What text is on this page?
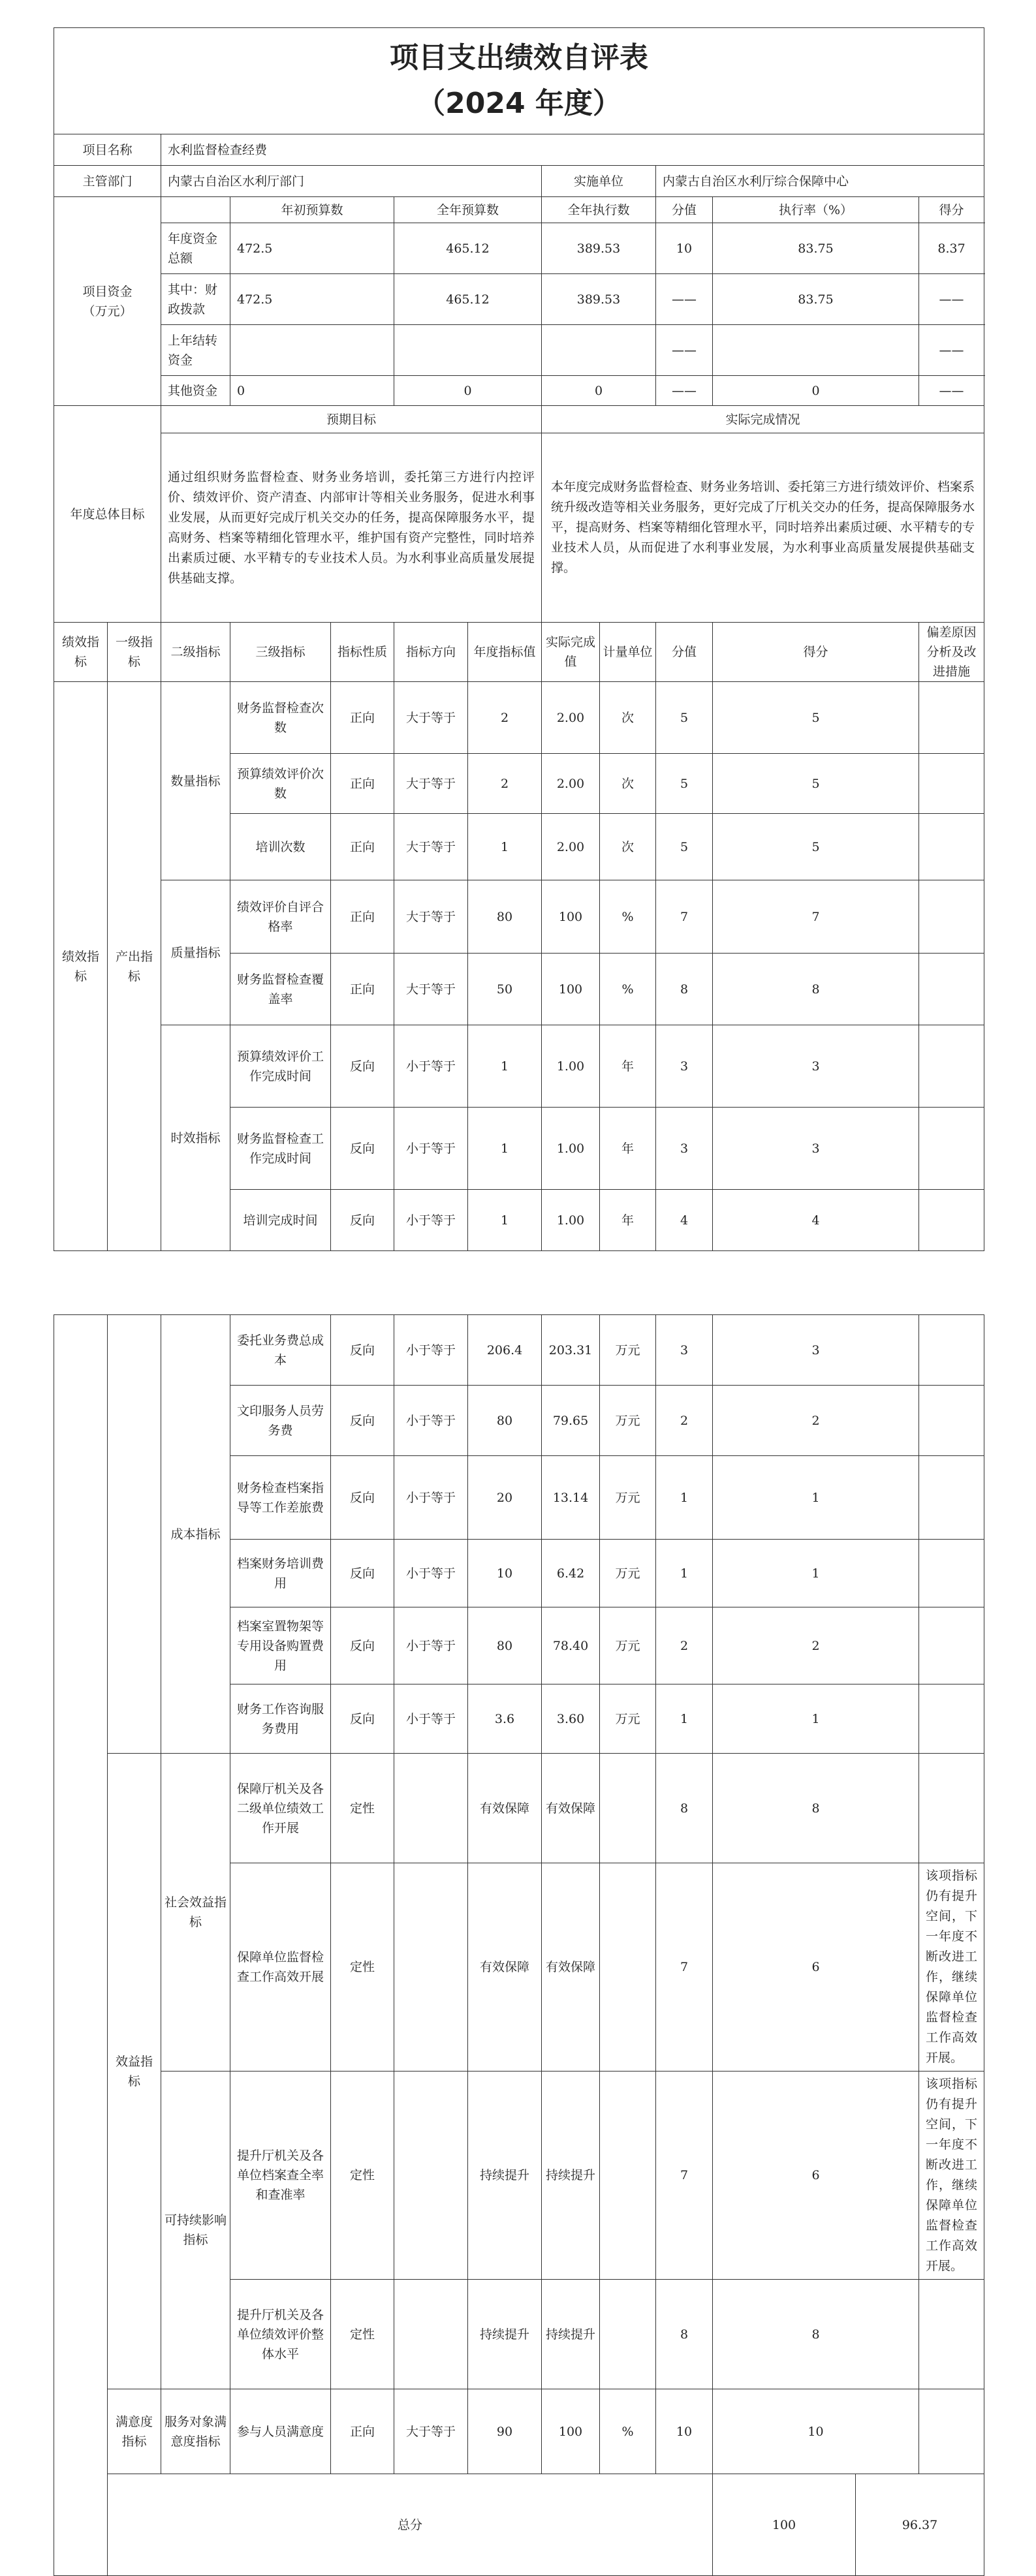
项目支出绩效自评表
（2024 年度）											
项目名称		水利监督检查经费									
主管部门		内蒙古自治区水利厅部门					实施单位		内蒙古自治区水利厅综合保障中心		
项目资金
（万元）			年初预算数		全年预算数		全年执行数		分值	执行率（%）	得分
		年度资金总额	472.5		465.12		389.53		10	83.75	8.37
		其中：财政拨款	472.5		465.12		389.53		——	83.75	——
		上年结转资金							——		——
		其他资金	0		0		0		——	0	——
年度总体目标		预期目标					实际完成情况				
		通过组织财务监督检查、财务业务培训，委托第三方进行内控评价、绩效评价、资产清查、内部审计等相关业务服务，促进水利事业发展，从而更好完成厅机关交办的任务，提高保障服务水平，提高财务、档案等精细化管理水平，维护国有资产完整性，同时培养出素质过硬、水平精专的专业技术人员。为水利事业高质量发展提供基础支撑。					本年度完成财务监督检查、财务业务培训、委托第三方进行绩效评价、档案系统升级改造等相关业务服务，更好完成了厅机关交办的任务，提高保障服务水平，提高财务、档案等精细化管理水平，同时培养出素质过硬、水平精专的专业技术人员，从而促进了水利事业发展，为水利事业高质量发展提供基础支撑。				
绩效指标	一级指标	二级指标	三级指标	指标性质	指标方向	年度指标值	实际完成值	计量单位	分值	得分	偏差原因分析及改进措施
绩效指标	产出指标	数量指标	财务监督检查次数	正向	大于等于	2	2.00	次	5	5	
			预算绩效评价次数	正向	大于等于	2	2.00	次	5	5	
			培训次数	正向	大于等于	1	2.00	次	5	5	
		质量指标	绩效评价自评合格率	正向	大于等于	80	100	%	7	7	
			财务监督检查覆盖率	正向	大于等于	50	100	%	8	8	
		时效指标	预算绩效评价工作完成时间	反向	小于等于	1	1.00	年	3	3	
			财务监督检查工作完成时间	反向	小于等于	1	1.00	年	3	3	
			培训完成时间	反向	小于等于	1	1.00	年	4	4	
		成本指标	委托业务费总成本	反向	小于等于	206.4	203.31	万元	3	3			
			文印服务人员劳务费	反向	小于等于	80	79.65	万元	2	2			
			财务检查档案指导等工作差旅费	反向	小于等于	20	13.14	万元	1	1			
			档案财务培训费用	反向	小于等于	10	6.42	万元	1	1			
			档案室置物架等专用设备购置费用	反向	小于等于	80	78.40	万元	2	2			
			财务工作咨询服务费用	反向	小于等于	3.6	3.60	万元	1	1			
	效益指标	社会效益指标	保障厅机关及各二级单位绩效工作开展	定性		有效保障	有效保障		8	8			
			保障单位监督检查工作高效开展	定性		有效保障	有效保障		7	6		该项指标仍有提升空间，下一年度不断改进工作，继续保障单位监督检查工作高效开展。	
		可持续影响指标	提升厅机关及各单位档案查全率和查准率	定性		持续提升	持续提升		7	6		该项指标仍有提升空间，下一年度不断改进工作，继续保障单位监督检查工作高效开展。	
			提升厅机关及各单位绩效评价整体水平	定性		持续提升	持续提升		8	8			
	满意度指标	服务对象满意度指标	参与人员满意度	正向	大于等于	90	100	%	10	10			
	总分									100	96.37		
